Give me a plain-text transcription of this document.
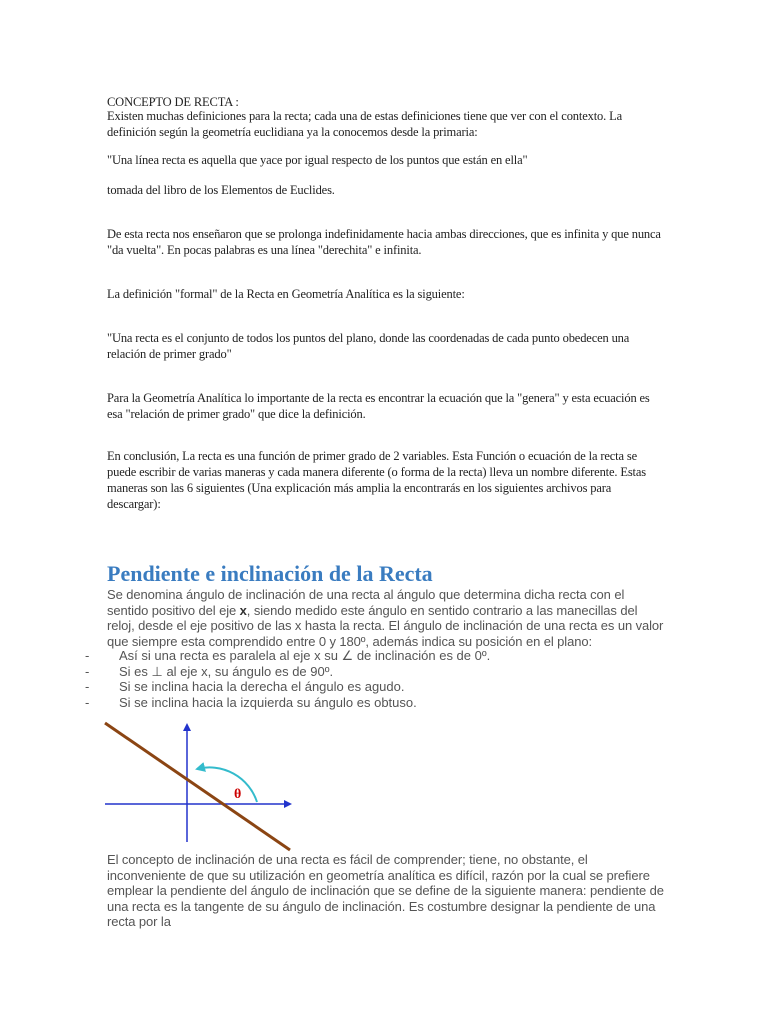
CONCEPTO DE RECTA :

Existen muchas definiciones para la recta; cada una de estas definiciones tiene que ver con el contexto. La definición según la geometría euclidiana ya la conocemos desde la primaria:

"Una línea recta es aquella que yace por igual respecto de los puntos que están en ella"

tomada del libro de los Elementos de Euclides.

De esta recta nos enseñaron que se prolonga indefinidamente hacia ambas direcciones, que es infinita y que nunca "da vuelta". En pocas palabras es una línea "derechita" e infinita.

La definición "formal" de la Recta en Geometría Analítica es la siguiente:

"Una recta es el conjunto de todos los puntos del plano, donde las coordenadas de cada punto obedecen una relación de primer grado"

Para la Geometría Analítica lo importante de la recta es encontrar la ecuación que la "genera" y esta ecuación es esa "relación de primer grado" que dice la definición.

En conclusión, La recta es una función de primer grado de 2 variables. Esta Función o ecuación de la recta se puede escribir de varias maneras y cada manera diferente (o forma de la recta) lleva un nombre diferente. Estas maneras son las 6 siguientes (Una explicación más amplia la encontrarás en los siguientes archivos para descargar):

Pendiente e inclinación de la Recta

Se denomina ángulo de inclinación de una recta al ángulo que determina dicha recta con el sentido positivo del eje x, siendo medido este ángulo en sentido contrario a las manecillas del reloj, desde el eje positivo de las x hasta la recta. El ángulo de inclinación de una recta es un valor que siempre esta comprendido entre 0 y 180º, además indica su posición en el plano:

- Así si una recta es paralela al eje x su ∠ de inclinación es de 0º.
- Si es ⊥ al eje x, su ángulo es de 90º.
- Si se inclina hacia la derecha el ángulo es agudo.
- Si se inclina hacia la izquierda su ángulo es obtuso.
θ

El concepto de inclinación de una recta es fácil de comprender; tiene, no obstante, el inconveniente de que su utilización en geometría analítica es difícil, razón por la cual se prefiere emplear la pendiente del ángulo de inclinación que se define de la siguiente manera: pendiente de una recta es la tangente de su ángulo de inclinación. Es costumbre designar la pendiente de una recta por la
